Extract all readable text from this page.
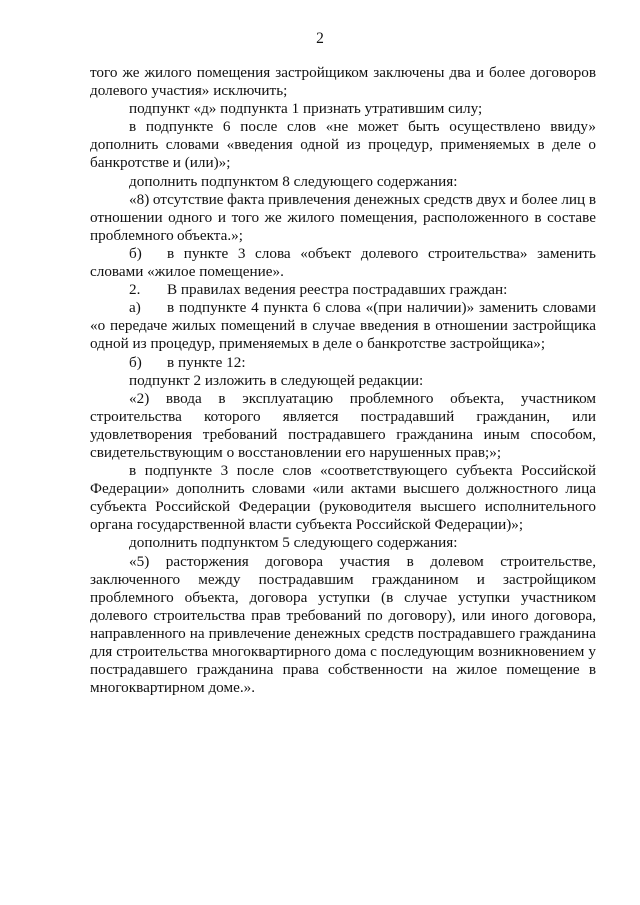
2

того же жилого помещения застройщиком заключены два и более договоров долевого участия» исключить;

подпункт «д» подпункта 1 признать утратившим силу;

в подпункте 6 после слов «не может быть осуществлено ввиду» дополнить словами «введения одной из процедур, применяемых в деле о банкротстве и (или)»;

дополнить подпунктом 8 следующего содержания:

«8) отсутствие факта привлечения денежных средств двух и более лиц в отношении одного и того же жилого помещения, расположенного в составе проблемного объекта.»;

б) в пункте 3 слова «объект долевого строительства» заменить словами «жилое помещение».

2. В правилах ведения реестра пострадавших граждан:

а) в подпункте 4 пункта 6 слова «(при наличии)» заменить словами «о передаче жилых помещений в случае введения в отношении застройщика одной из процедур, применяемых в деле о банкротстве застройщика»;

б) в пункте 12:

подпункт 2 изложить в следующей редакции:

«2) ввода в эксплуатацию проблемного объекта, участником строительства которого является пострадавший гражданин, или удовлетворения требований пострадавшего гражданина иным способом, свидетельствующим о восстановлении его нарушенных прав;»;

в подпункте 3 после слов «соответствующего субъекта Российской Федерации» дополнить словами «или актами высшего должностного лица субъекта Российской Федерации (руководителя высшего исполнительного органа государственной власти субъекта Российской Федерации)»;

дополнить подпунктом 5 следующего содержания:

«5) расторжения договора участия в долевом строительстве, заключенного между пострадавшим гражданином и застройщиком проблемного объекта, договора уступки (в случае уступки участником долевого строительства прав требований по договору), или иного договора, направленного на привлечение денежных средств пострадавшего гражданина для строительства многоквартирного дома с последующим возникновением у пострадавшего гражданина права собственности на жилое помещение в многоквартирном доме.».
